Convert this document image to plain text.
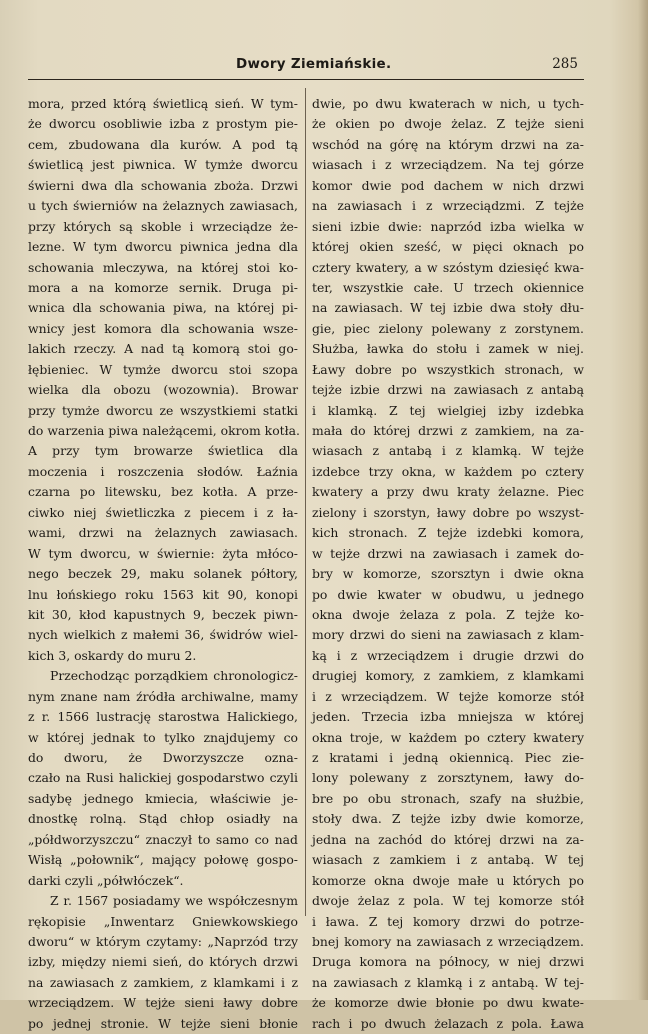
Dwory Ziemiańskie.	285
mora, przed którą świetlicą sień. W tym-
że dworcu osobliwie izba z prostym pie-
cem, zbudowana dla kurów. A pod tą
świetlicą jest piwnica. W tymże dworcu
świerni dwa dla schowania zboża. Drzwi
u tych świerniów na żelaznych zawiasach,
przy których są skoble i wrzeciądze że-
lezne. W tym dworcu piwnica jedna dla
schowania mleczywa, na której stoi ko-
mora a na komorze sernik. Druga pi-
wnica dla schowania piwa, na której pi-
wnicy jest komora dla schowania wsze-
lakich rzeczy. A nad tą komorą stoi go-
łębieniec. W tymże dworcu stoi szopa
wielka dla obozu (wozownia). Browar
przy tymże dworcu ze wszystkiemi statki
do warzenia piwa należącemi, okrom kotła.
A przy tym browarze świetlica dla
moczenia i roszczenia słodów. Łaźnia
czarna po litewsku, bez kotła. A prze-
ciwko niej świetliczka z piecem i z ła-
wami, drzwi na żelaznych zawiasach.
W tym dworcu, w świernie: żyta młóco-
nego beczek 29, maku solanek półtory,
lnu łońskiego roku 1563 kit 90, konopi
kit 30, kłod kapustnych 9, beczek piwn-
nych wielkich z małemi 36, świdrów wiel-
kich 3, oskardy do muru 2.
Przechodząc porządkiem chronologicz-
nym znane nam źródła archiwalne, mamy
z r. 1566 lustrację starostwa Halickiego,
w której jednak to tylko znajdujemy co
do dworu, że Dworzyszcze ozna-
czało na Rusi halickiej gospodarstwo czyli
sadybę jednego kmiecia, właściwie je-
dnostkę rolną. Stąd chłop osiadły na
„półdworzyszczu“ znaczył to samo co nad
Wisłą „połownik“, mający połowę gospo-
darki czyli „półwłóczek“.
Z r. 1567 posiadamy we współczesnym
rękopisie „Inwentarz Gniewkowskiego
dworu“ w którym czytamy: „Naprzód trzy
izby, między niemi sień, do których drzwi
na zawiasach z zamkiem, z klamkami i z
wrzeciądzem. W tejże sieni ławy dobre
po jednej stronie. W tejże sieni błonie
dwie, po dwu kwaterach w nich, u tych-
że okien po dwoje żelaz. Z tejże sieni
wschód na górę na którym drzwi na za-
wiasach i z wrzeciądzem. Na tej górze
komor dwie pod dachem w nich drzwi
na zawiasach i z wrzeciądzmi. Z tejże
sieni izbie dwie: naprzód izba wielka w
której okien sześć, w pięci oknach po
cztery kwatery, a w szóstym dziesięć kwa-
ter, wszystkie całe. U trzech okiennice
na zawiasach. W tej izbie dwa stoły dłu-
gie, piec zielony polewany z zorstynem.
Służba, ławka do stołu i zamek w niej.
Ławy dobre po wszystkich stronach, w
tejże izbie drzwi na zawiasach z antabą
i klamką. Z tej wielgiej izby izdebka
mała do której drzwi z zamkiem, na za-
wiasach z antabą i z klamką. W tejże
izdebce trzy okna, w każdem po cztery
kwatery a przy dwu kraty żelazne. Piec
zielony i szorstyn, ławy dobre po wszyst-
kich stronach. Z tejże izdebki komora,
w tejże drzwi na zawiasach i zamek do-
bry w komorze, szorsztyn i dwie okna
po dwie kwater w obudwu, u jednego
okna dwoje żelaza z pola. Z tejże ko-
mory drzwi do sieni na zawiasach z klam-
ką i z wrzeciądzem i drugie drzwi do
drugiej komory, z zamkiem, z klamkami
i z wrzeciądzem. W tejże komorze stół
jeden. Trzecia izba mniejsza w której
okna troje, w każdem po cztery kwatery
z kratami i jedną okiennicą. Piec zie-
lony polewany z zorsztynem, ławy do-
bre po obu stronach, szafy na służbie,
stoły dwa. Z tejże izby dwie komorze,
jedna na zachód do której drzwi na za-
wiasach z zamkiem i z antabą. W tej
komorze okna dwoje małe u których po
dwoje żelaz z pola. W tej komorze stół
i ława. Z tej komory drzwi do potrze-
bnej komory na zawiasach z wrzeciądzem.
Druga komora na północy, w niej drzwi
na zawiasach z klamką i z antabą. W tej-
że komorze dwie błonie po dwu kwate-
rach i po dwuch żelazach z pola. Ława
